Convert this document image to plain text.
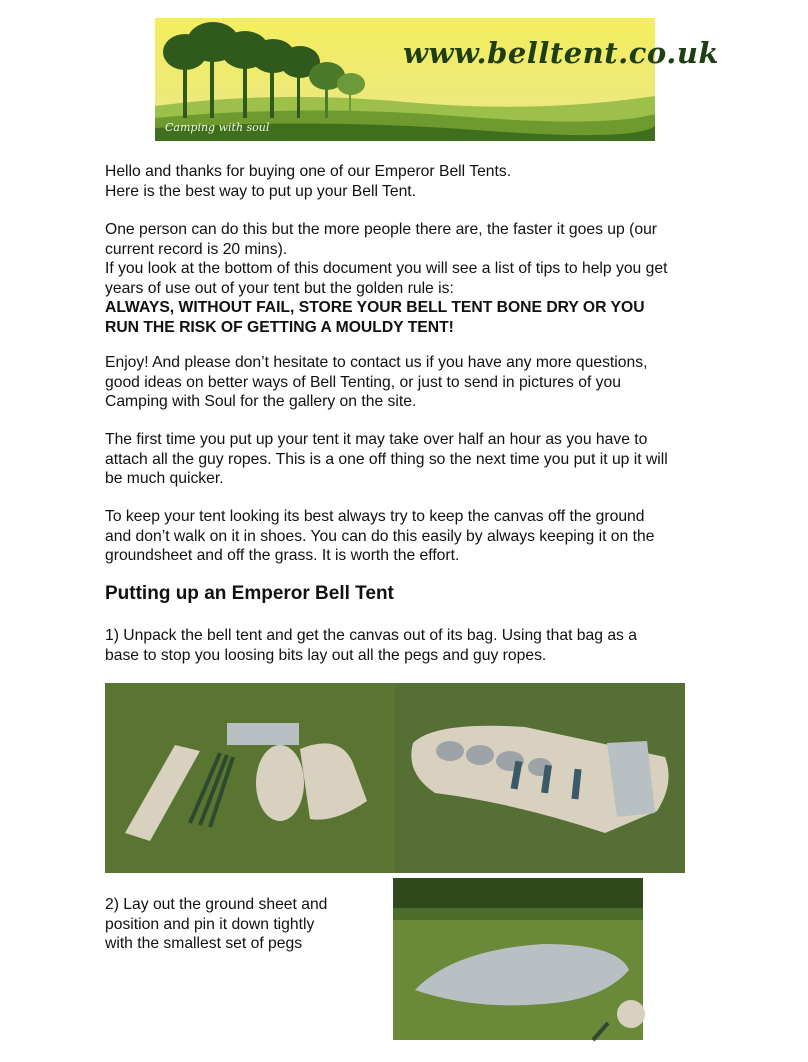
www.belltent.co.uk
Camping with soul

Hello and thanks for buying one of our Emperor Bell Tents.
Here is the best way to put up your Bell Tent.

One person can do this but the more people there are, the faster it goes up (our
current record is 20 mins).
If you look at the bottom of this document you will see a list of tips to help you get
years of use out of your tent but the golden rule is:
ALWAYS, WITHOUT FAIL, STORE YOUR BELL TENT BONE DRY OR YOU
RUN THE RISK OF GETTING A MOULDY TENT!

Enjoy! And please don’t hesitate to contact us if you have any more questions,
good ideas on better ways of Bell Tenting, or just to send in pictures of you
Camping with Soul for the gallery on the site.

The first time you put up your tent it may take over half an hour as you have to
attach all the guy ropes. This is a one off thing so the next time you put it up it will
be much quicker.

To keep your tent looking its best always try to keep the canvas off the ground
and don’t walk on it in shoes. You can do this easily by always keeping it on the
groundsheet and off the grass. It is worth the effort.

Putting up an Emperor Bell Tent

1) Unpack the bell tent and get the canvas out of its bag. Using that bag as a
base to stop you loosing bits lay out all the pegs and guy ropes.

2) Lay out the ground sheet and
position and pin it down tightly
with the smallest set of pegs
